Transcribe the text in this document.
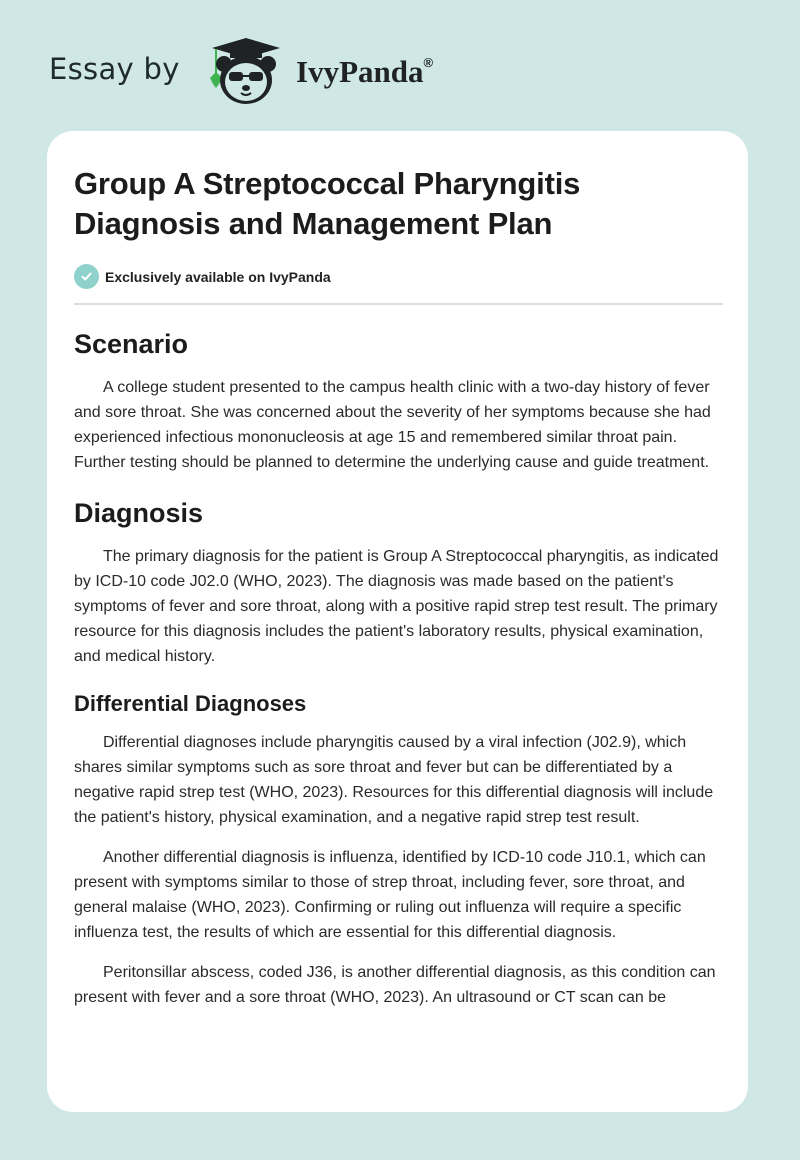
Essay by	IvyPanda®
Group A Streptococcal Pharyngitis Diagnosis and Management Plan
Exclusively available on IvyPanda
Scenario

A college student presented to the campus health clinic with a two-day history of fever and sore throat. She was concerned about the severity of her symptoms because she had experienced infectious mononucleosis at age 15 and remembered similar throat pain. Further testing should be planned to determine the underlying cause and guide treatment.

Diagnosis

The primary diagnosis for the patient is Group A Streptococcal pharyngitis, as indicated by ICD-10 code J02.0 (WHO, 2023). The diagnosis was made based on the patient's symptoms of fever and sore throat, along with a positive rapid strep test result. The primary resource for this diagnosis includes the patient's laboratory results, physical examination, and medical history.

Differential Diagnoses

Differential diagnoses include pharyngitis caused by a viral infection (J02.9), which shares similar symptoms such as sore throat and fever but can be differentiated by a negative rapid strep test (WHO, 2023). Resources for this differential diagnosis will include the patient's history, physical examination, and a negative rapid strep test result.

Another differential diagnosis is influenza, identified by ICD-10 code J10.1, which can present with symptoms similar to those of strep throat, including fever, sore throat, and general malaise (WHO, 2023). Confirming or ruling out influenza will require a specific influenza test, the results of which are essential for this differential diagnosis.

Peritonsillar abscess, coded J36, is another differential diagnosis, as this condition can present with fever and a sore throat (WHO, 2023). An ultrasound or CT scan can be
